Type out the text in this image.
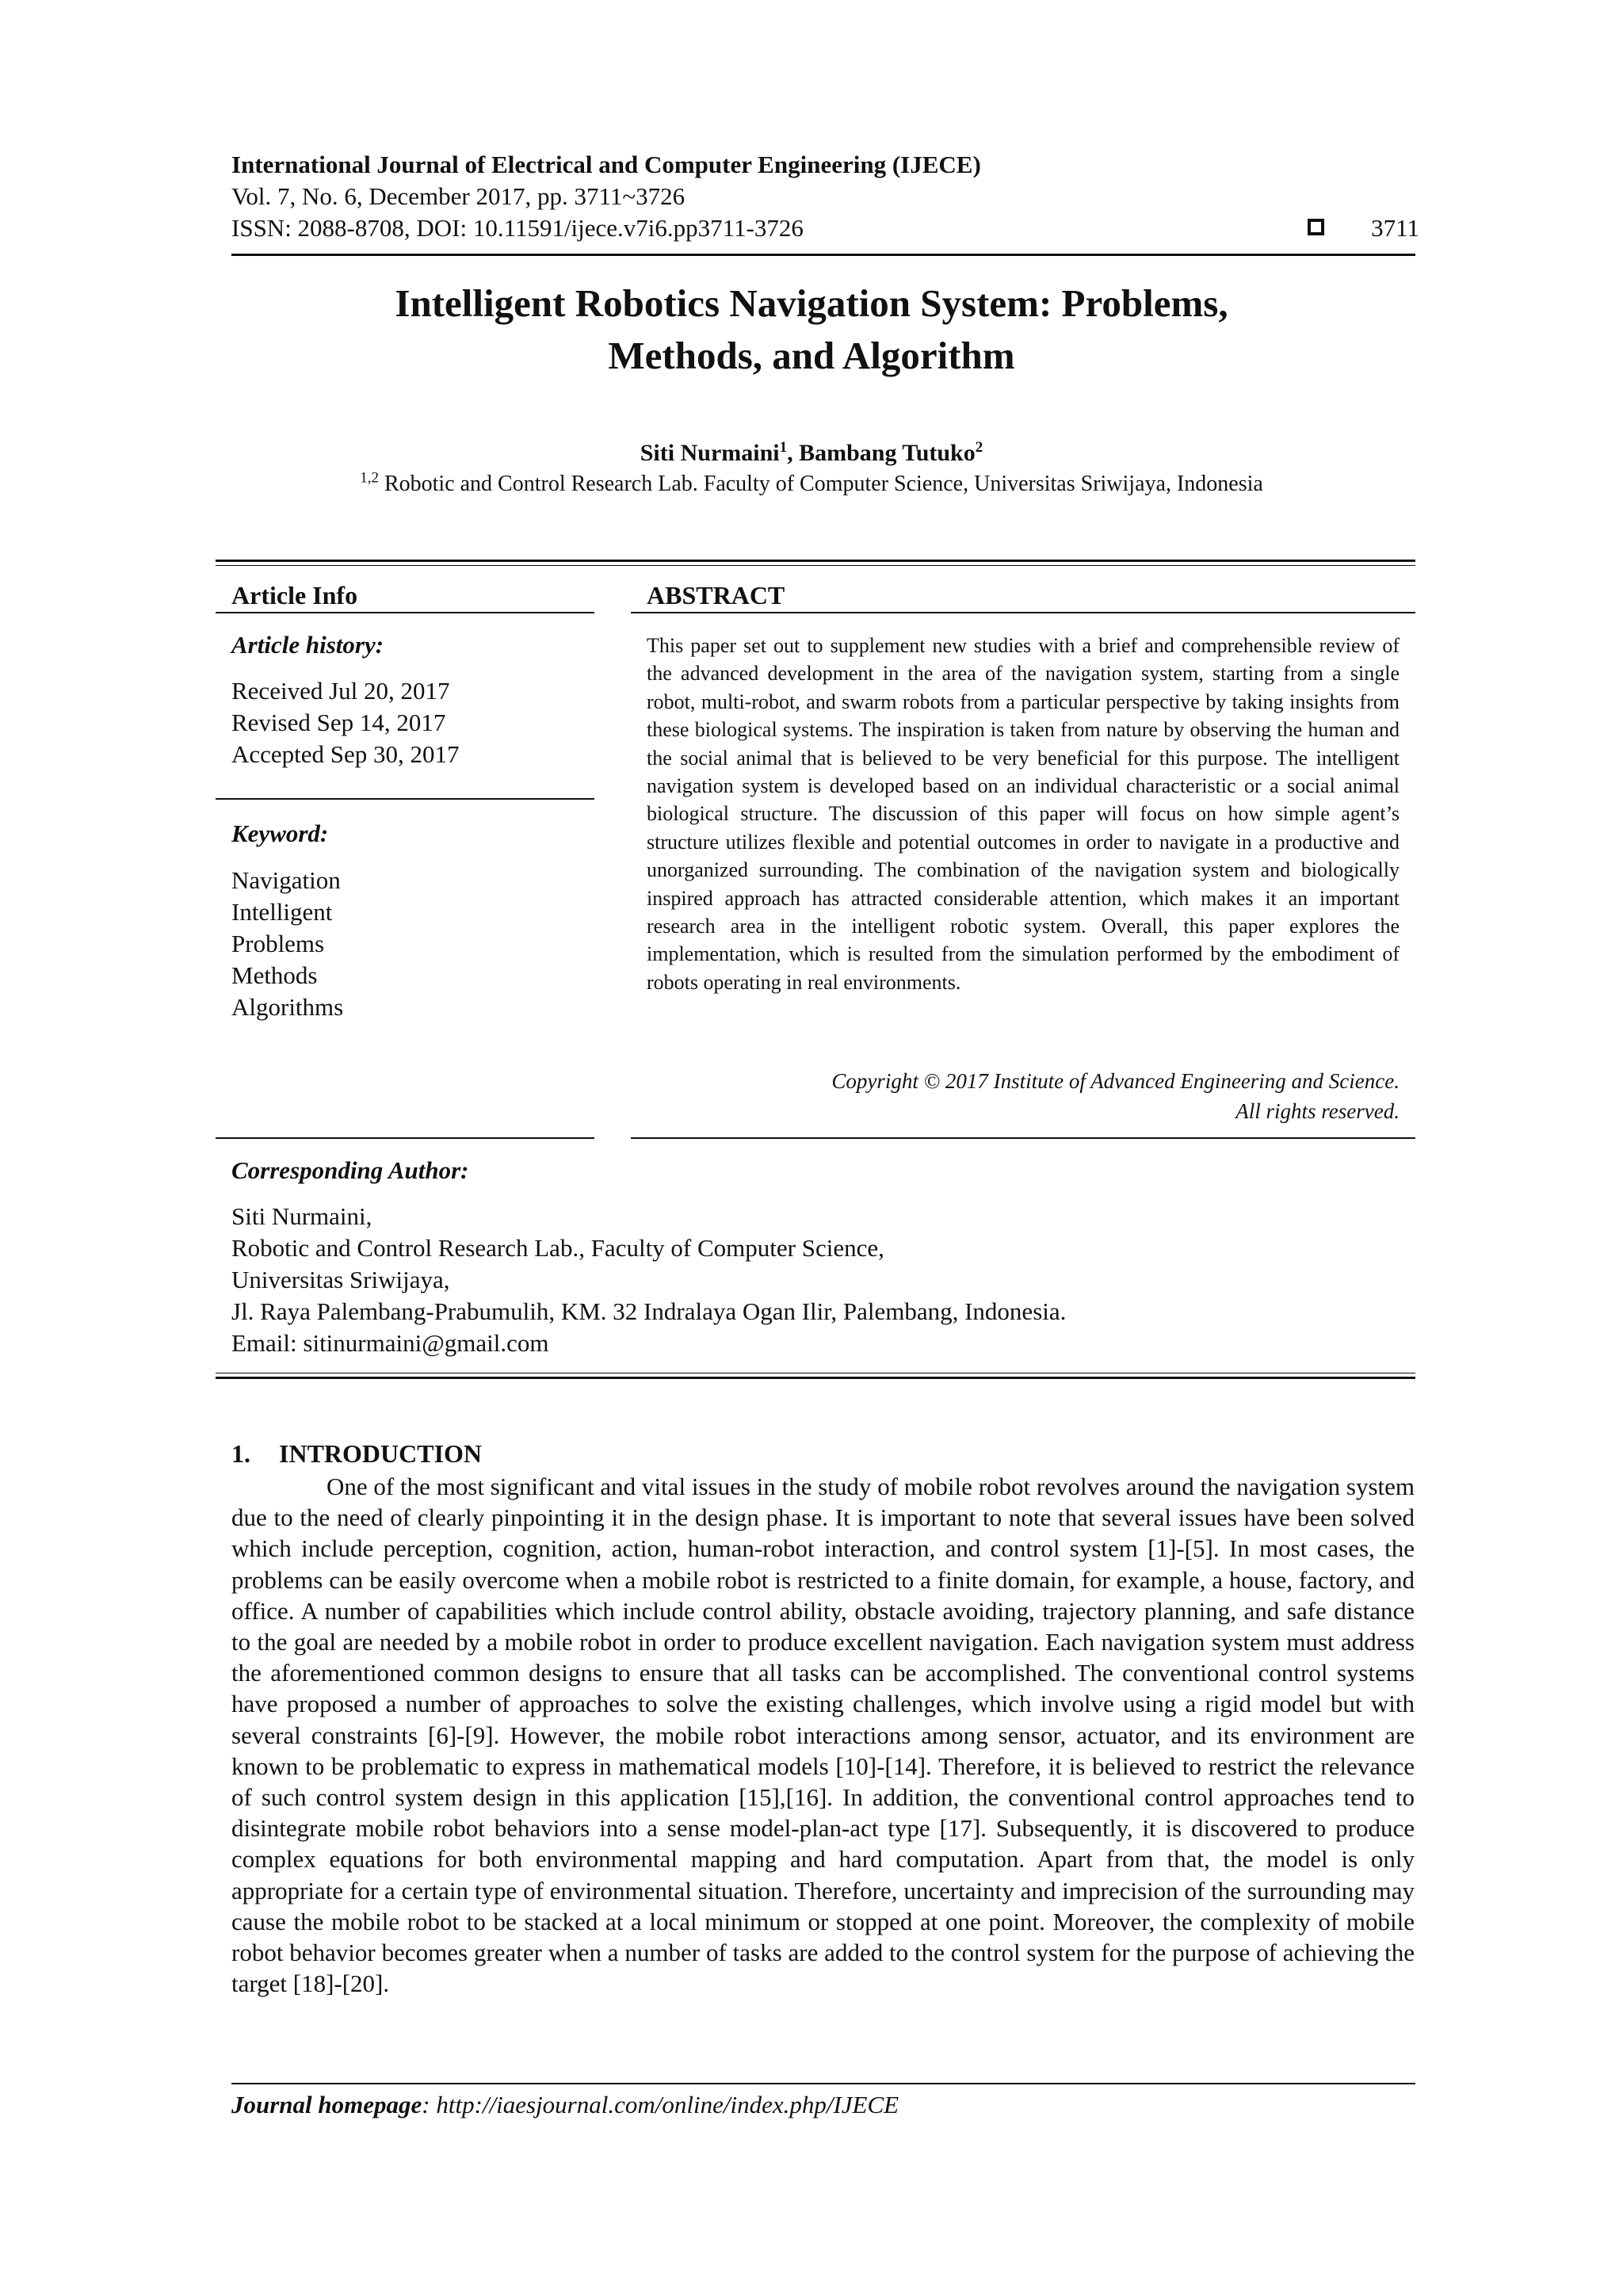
International Journal of Electrical and Computer Engineering (IJECE)
Vol. 7, No. 6, December 2017, pp. 3711~3726
ISSN: 2088-8708, DOI: 10.11591/ijece.v7i6.pp3711-3726	3711
Intelligent Robotics Navigation System: Problems,
Methods, and Algorithm
Siti Nurmaini$^1$, Bambang Tutuko$^2$
$^{1,2}$ Robotic and Control Research Lab. Faculty of Computer Science, Universitas Sriwijaya, Indonesia
Article Info
Article history:
Received Jul 20, 2017
Revised Sep 14, 2017
Accepted Sep 30, 2017
Keyword:
Navigation
Intelligent
Problems
Methods
Algorithms
ABSTRACT
This paper set out to supplement new studies with a brief and comprehensible review of the advanced development in the area of the navigation system, starting from a single robot, multi-robot, and swarm robots from a particular perspective by taking insights from these biological systems. The inspiration is taken from nature by observing the human and the social animal that is believed to be very beneficial for this purpose. The intelligent navigation system is developed based on an individual characteristic or a social animal biological structure. The discussion of this paper will focus on how simple agent’s structure utilizes flexible and potential outcomes in order to navigate in a productive and unorganized surrounding. The combination of the navigation system and biologically inspired approach has attracted considerable attention, which makes it an important research area in the intelligent robotic system. Overall, this paper explores the implementation, which is resulted from the simulation performed by the embodiment of robots operating in real environments.
Copyright © 2017 Institute of Advanced Engineering and Science.
All rights reserved.
Corresponding Author:
Siti Nurmaini,
Robotic and Control Research Lab., Faculty of Computer Science,
Universitas Sriwijaya,
Jl. Raya Palembang-Prabumulih, KM. 32 Indralaya Ogan Ilir, Palembang, Indonesia.
Email: sitinurmaini@gmail.com
1. INTRODUCTION
One of the most significant and vital issues in the study of mobile robot revolves around the navigation system due to the need of clearly pinpointing it in the design phase. It is important to note that several issues have been solved which include perception, cognition, action, human-robot interaction, and control system [1]-[5]. In most cases, the problems can be easily overcome when a mobile robot is restricted to a finite domain, for example, a house, factory, and office. A number of capabilities which include control ability, obstacle avoiding, trajectory planning, and safe distance to the goal are needed by a mobile robot in order to produce excellent navigation. Each navigation system must address the aforementioned common designs to ensure that all tasks can be accomplished. The conventional control systems have proposed a number of approaches to solve the existing challenges, which involve using a rigid model but with several constraints [6]-[9]. However, the mobile robot interactions among sensor, actuator, and its environment are known to be problematic to express in mathematical models [10]-[14]. Therefore, it is believed to restrict the relevance of such control system design in this application [15],[16]. In addition, the conventional control approaches tend to disintegrate mobile robot behaviors into a sense model-plan-act type [17]. Subsequently, it is discovered to produce complex equations for both environmental mapping and hard computation. Apart from that, the model is only appropriate for a certain type of environmental situation. Therefore, uncertainty and imprecision of the surrounding may cause the mobile robot to be stacked at a local minimum or stopped at one point. Moreover, the complexity of mobile robot behavior becomes greater when a number of tasks are added to the control system for the purpose of achieving the target [18]-[20].
Journal homepage: http://iaesjournal.com/online/index.php/IJECE
